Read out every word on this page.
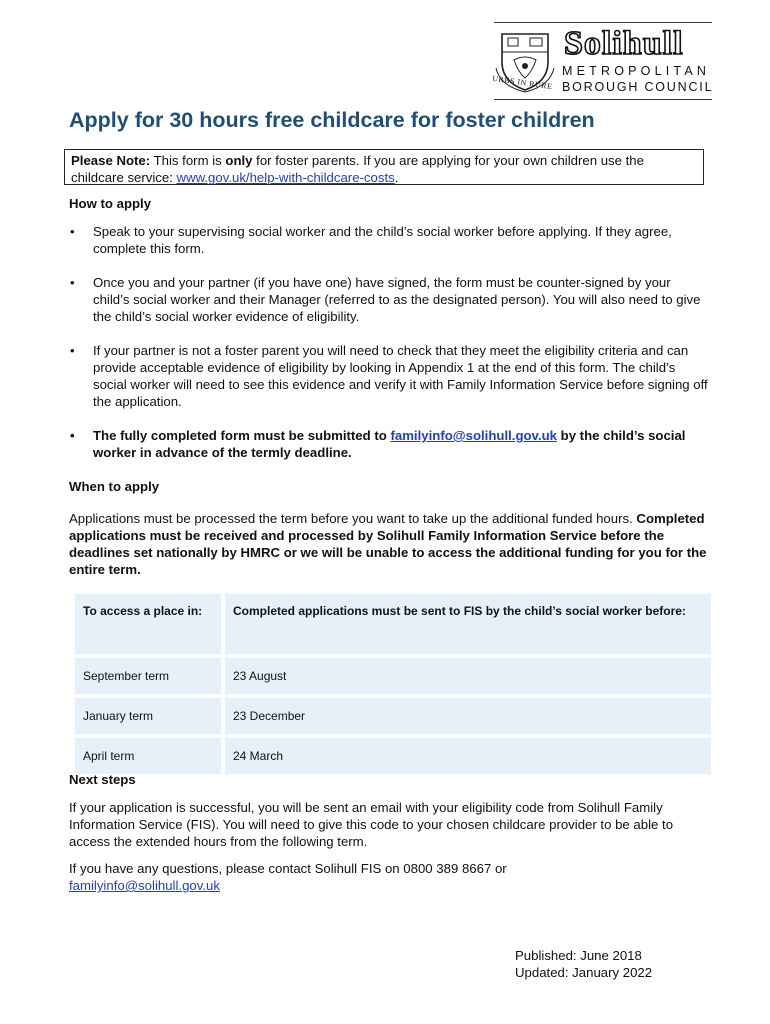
URBS IN RURE
Solihull
METROPOLITAN
BOROUGH COUNCIL
Apply for 30 hours free childcare for foster children
Please Note: This form is only for foster parents. If you are applying for your own children use the childcare service: www.gov.uk/help-with-childcare-costs.
How to apply
• Speak to your supervising social worker and the child’s social worker before applying. If they agree, complete this form.
• Once you and your partner (if you have one) have signed, the form must be counter-signed by your child’s social worker and their Manager (referred to as the designated person). You will also need to give the child’s social worker evidence of eligibility.
• If your partner is not a foster parent you will need to check that they meet the eligibility criteria and can provide acceptable evidence of eligibility by looking in Appendix 1 at the end of this form. The child’s social worker will need to see this evidence and verify it with Family Information Service before signing off the application.
• The fully completed form must be submitted to familyinfo@solihull.gov.uk by the child’s social worker in advance of the termly deadline.
When to apply
Applications must be processed the term before you want to take up the additional funded hours. Completed applications must be received and processed by Solihull Family Information Service before the deadlines set nationally by HMRC or we will be unable to access the additional funding for you for the entire term.
To access a place in:	Completed applications must be sent to FIS by the child’s social worker before:
September term	23 August
January term	23 December
April term	24 March
Next steps
If your application is successful, you will be sent an email with your eligibility code from Solihull Family Information Service (FIS). You will need to give this code to your chosen childcare provider to be able to access the extended hours from the following term.
If you have any questions, please contact Solihull FIS on 0800 389 8667 or
familyinfo@solihull.gov.uk
Published: June 2018
Updated: January 2022
